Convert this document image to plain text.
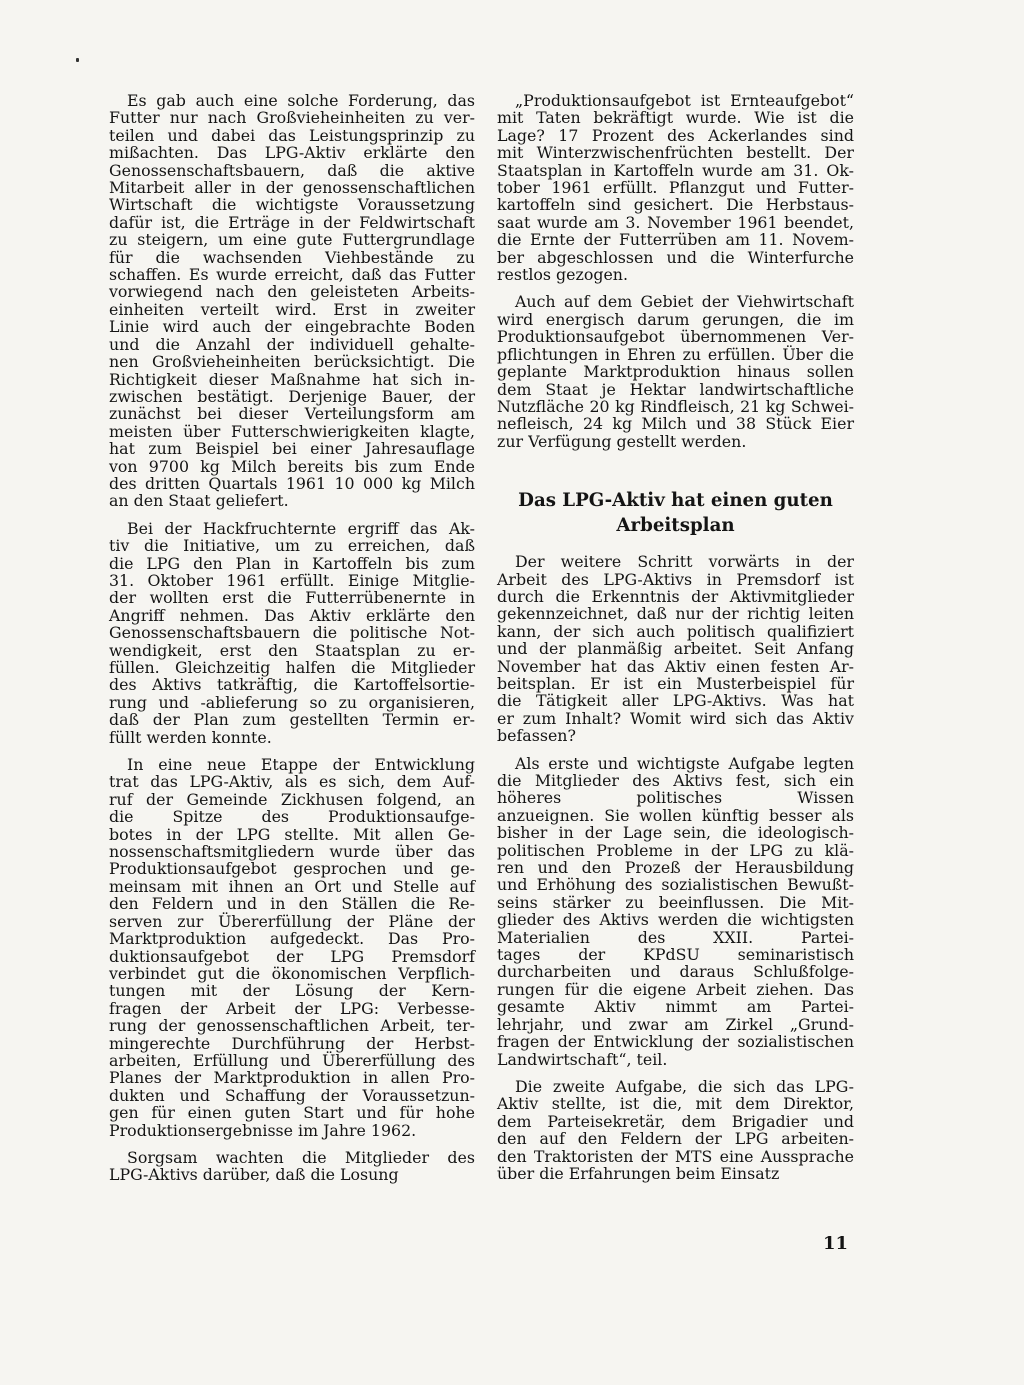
Es gab auch eine solche Forderung, das
Futter nur nach Großvieheinheiten zu ver-
teilen und dabei das Leistungsprinzip zu
mißachten. Das LPG-Aktiv erklärte den
Genossenschaftsbauern, daß die aktive
Mitarbeit aller in der genossenschaftlichen
Wirtschaft die wichtigste Voraussetzung
dafür ist, die Erträge in der Feldwirtschaft
zu steigern, um eine gute Futtergrundlage
für die wachsenden Viehbestände zu
schaffen. Es wurde erreicht, daß das Futter
vorwiegend nach den geleisteten Arbeits-
einheiten verteilt wird. Erst in zweiter
Linie wird auch der eingebrachte Boden
und die Anzahl der individuell gehalte-
nen Großvieheinheiten berücksichtigt. Die
Richtigkeit dieser Maßnahme hat sich in-
zwischen bestätigt. Derjenige Bauer, der
zunächst bei dieser Verteilungsform am
meisten über Futterschwierigkeiten klagte,
hat zum Beispiel bei einer Jahresauflage
von 9700 kg Milch bereits bis zum Ende
des dritten Quartals 1961 10 000 kg Milch
an den Staat geliefert.

Bei der Hackfruchternte ergriff das Ak-
tiv die Initiative, um zu erreichen, daß
die LPG den Plan in Kartoffeln bis zum
31. Oktober 1961 erfüllt. Einige Mitglie-
der wollten erst die Futterrübenernte in
Angriff nehmen. Das Aktiv erklärte den
Genossenschaftsbauern die politische Not-
wendigkeit, erst den Staatsplan zu er-
füllen. Gleichzeitig halfen die Mitglieder
des Aktivs tatkräftig, die Kartoffelsortie-
rung und -ablieferung so zu organisieren,
daß der Plan zum gestellten Termin er-
füllt werden konnte.

In eine neue Etappe der Entwicklung
trat das LPG-Aktiv, als es sich, dem Auf-
ruf der Gemeinde Zickhusen folgend, an
die Spitze des Produktionsaufge-
botes in der LPG stellte. Mit allen Ge-
nossenschaftsmitgliedern wurde über das
Produktionsaufgebot gesprochen und ge-
meinsam mit ihnen an Ort und Stelle auf
den Feldern und in den Ställen die Re-
serven zur Übererfüllung der Pläne der
Marktproduktion aufgedeckt. Das Pro-
duktionsaufgebot der LPG Premsdorf
verbindet gut die ökonomischen Verpflich-
tungen mit der Lösung der Kern-
fragen der Arbeit der LPG: Verbesse-
rung der genossenschaftlichen Arbeit, ter-
mingerechte Durchführung der Herbst-
arbeiten, Erfüllung und Übererfüllung des
Planes der Marktproduktion in allen Pro-
dukten und Schaffung der Voraussetzun-
gen für einen guten Start und für hohe
Produktionsergebnisse im Jahre 1962.

Sorgsam wachten die Mitglieder des
LPG-Aktivs darüber, daß die Losung

„Produktionsaufgebot ist Ernteaufgebot“
mit Taten bekräftigt wurde. Wie ist die
Lage? 17 Prozent des Ackerlandes sind
mit Winterzwischenfrüchten bestellt. Der
Staatsplan in Kartoffeln wurde am 31. Ok-
tober 1961 erfüllt. Pflanzgut und Futter-
kartoffeln sind gesichert. Die Herbstaus-
saat wurde am 3. November 1961 beendet,
die Ernte der Futterrüben am 11. Novem-
ber abgeschlossen und die Winterfurche
restlos gezogen.

Auch auf dem Gebiet der Viehwirtschaft
wird energisch darum gerungen, die im
Produktionsaufgebot übernommenen Ver-
pflichtungen in Ehren zu erfüllen. Über die
geplante Marktproduktion hinaus sollen
dem Staat je Hektar landwirtschaftliche
Nutzfläche 20 kg Rindfleisch, 21 kg Schwei-
nefleisch, 24 kg Milch und 38 Stück Eier
zur Verfügung gestellt werden.

Das LPG-Aktiv hat einen guten
Arbeitsplan

Der weitere Schritt vorwärts in der
Arbeit des LPG-Aktivs in Premsdorf ist
durch die Erkenntnis der Aktivmitglieder
gekennzeichnet, daß nur der richtig leiten
kann, der sich auch politisch qualifiziert
und der planmäßig arbeitet. Seit Anfang
November hat das Aktiv einen festen Ar-
beitsplan. Er ist ein Musterbeispiel für
die Tätigkeit aller LPG-Aktivs. Was hat
er zum Inhalt? Womit wird sich das Aktiv
befassen?

Als erste und wichtigste Aufgabe legten
die Mitglieder des Aktivs fest, sich ein
höheres politisches Wissen
anzueignen. Sie wollen künftig besser als
bisher in der Lage sein, die ideologisch-
politischen Probleme in der LPG zu klä-
ren und den Prozeß der Herausbildung
und Erhöhung des sozialistischen Bewußt-
seins stärker zu beeinflussen. Die Mit-
glieder des Aktivs werden die wichtigsten
Materialien des XXII. Partei-
tages der KPdSU seminaristisch
durcharbeiten und daraus Schlußfolge-
rungen für die eigene Arbeit ziehen. Das
gesamte Aktiv nimmt am Partei-
lehrjahr, und zwar am Zirkel „Grund-
fragen der Entwicklung der sozialistischen
Landwirtschaft“, teil.

Die zweite Aufgabe, die sich das LPG-
Aktiv stellte, ist die, mit dem Direktor,
dem Parteisekretär, dem Brigadier und
den auf den Feldern der LPG arbeiten-
den Traktoristen der MTS eine Aussprache
über die Erfahrungen beim Einsatz

11
